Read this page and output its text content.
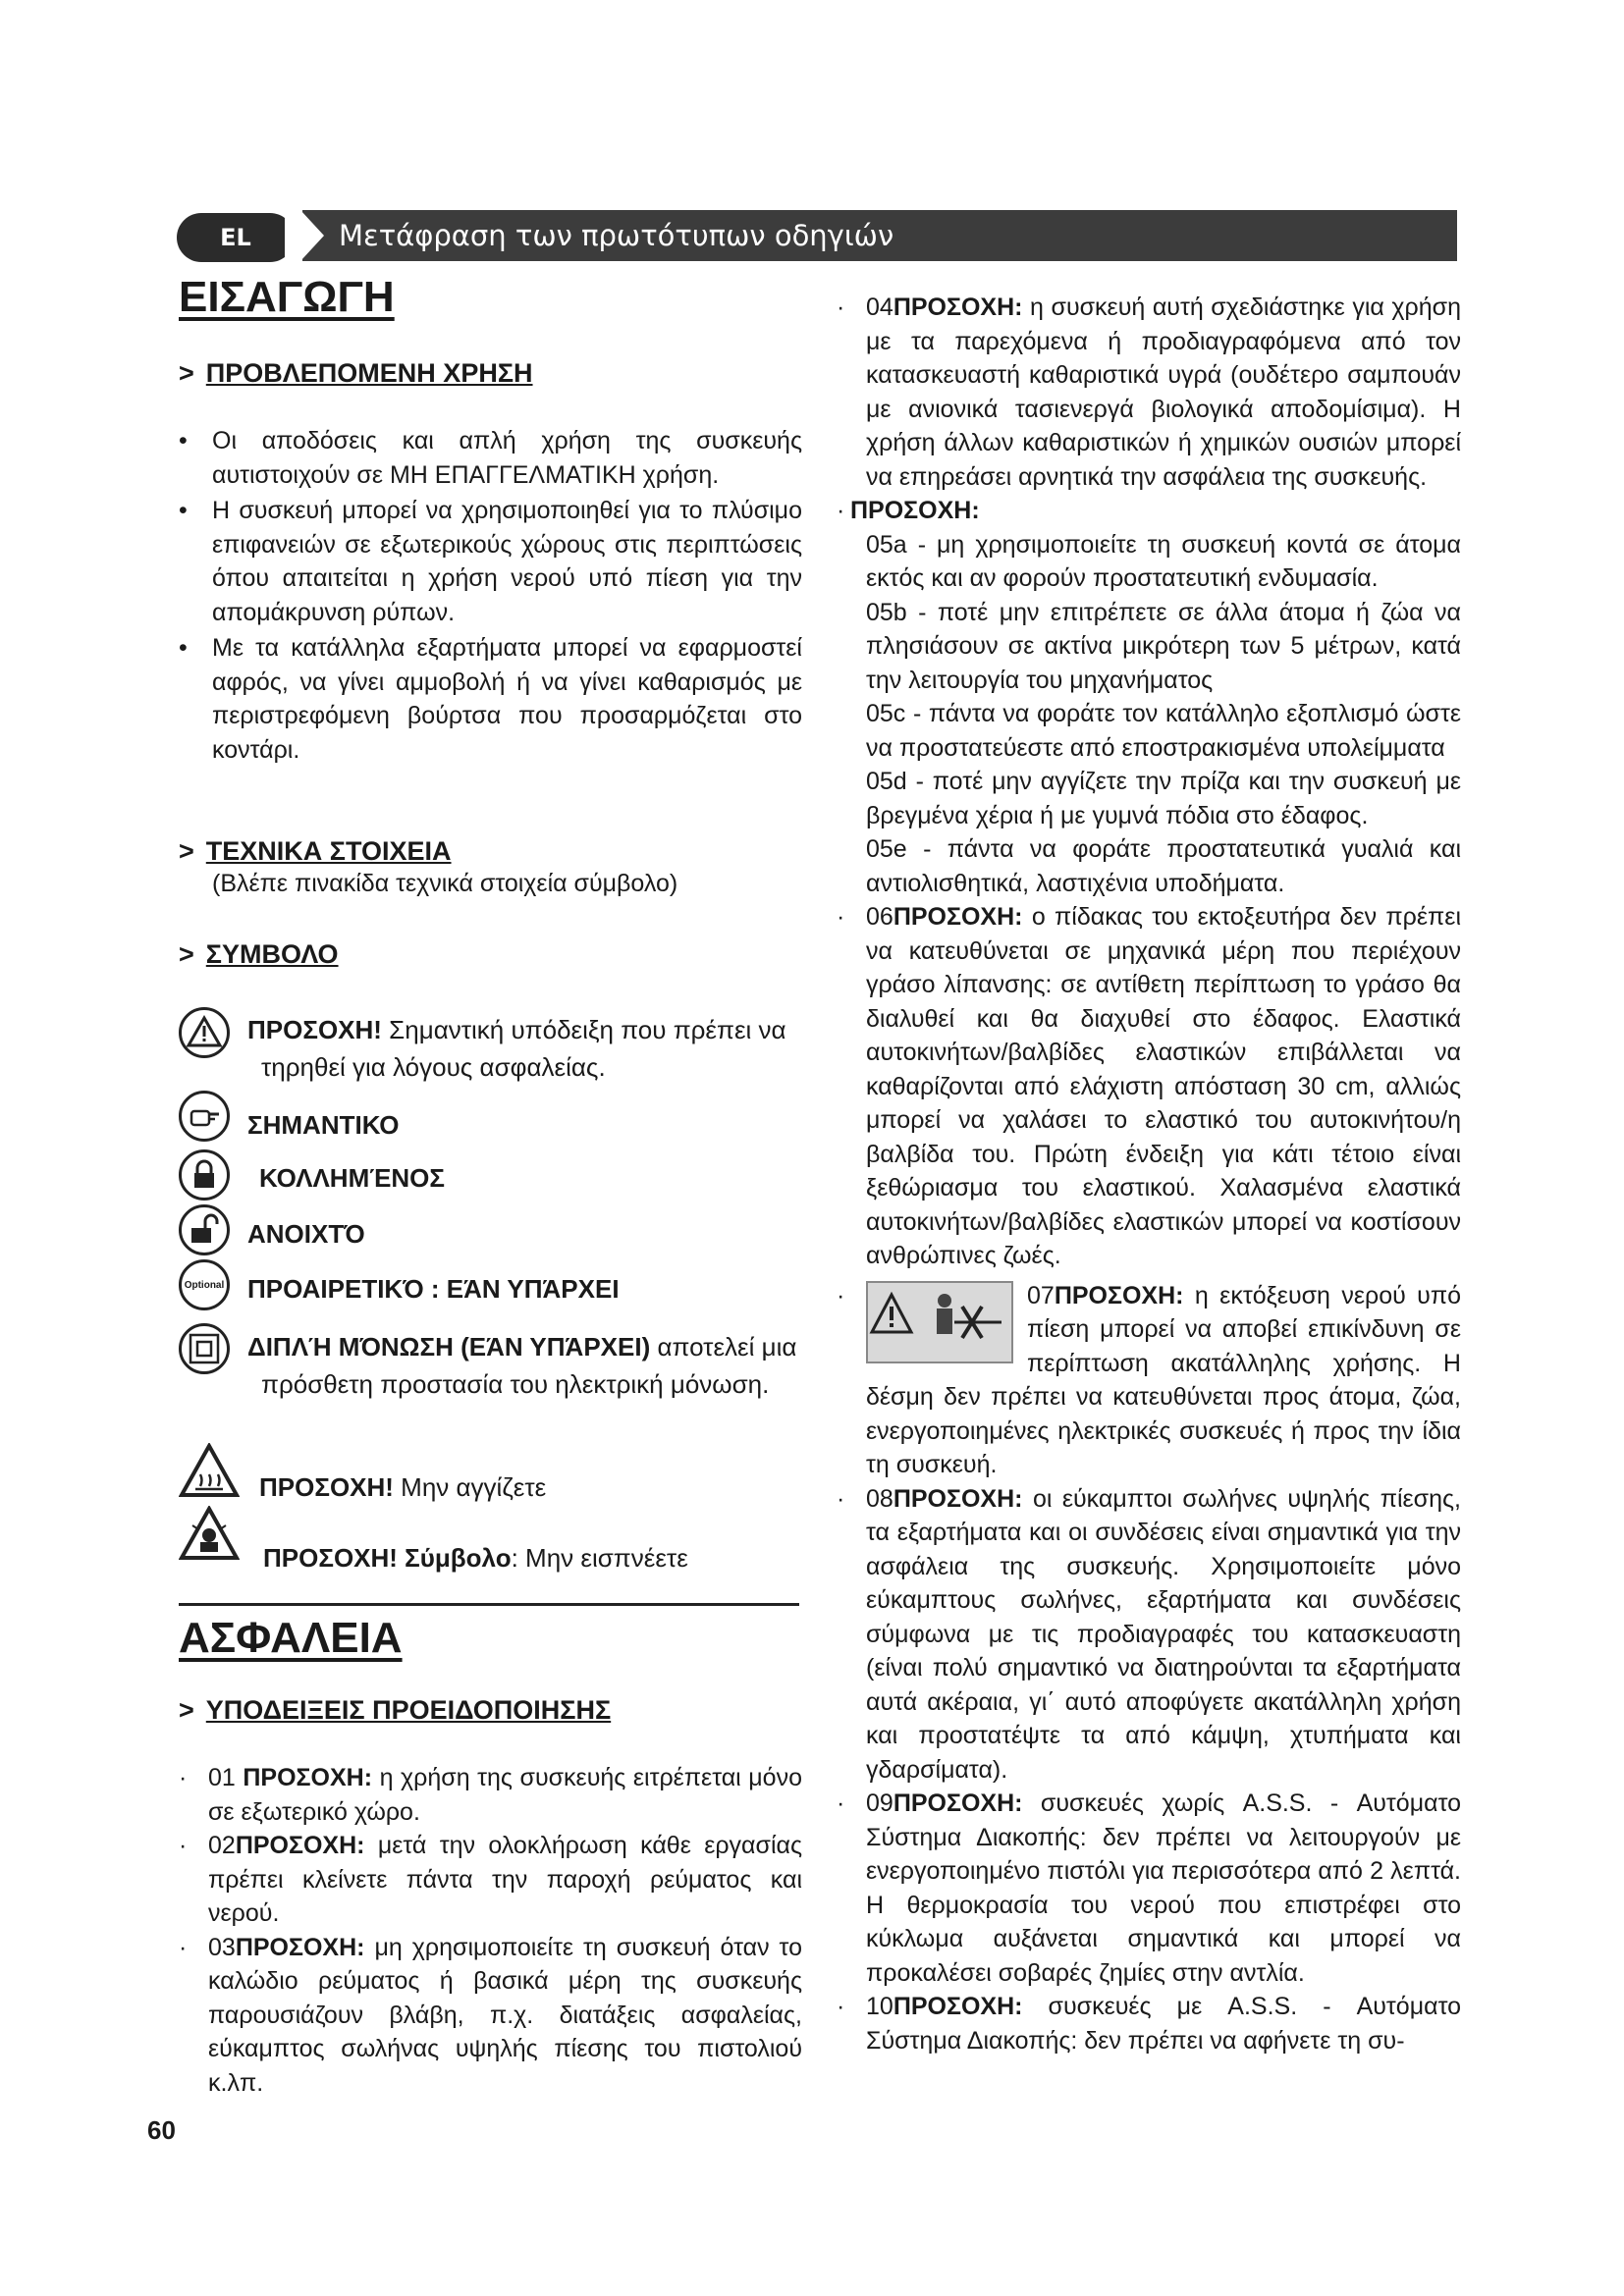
EL	Μετάφραση των πρωτότυπων οδηγιών
ΕΙΣΑΓΩΓΗ
> ΠΡΟΒΛΕΠΟΜΕΝΗ ΧΡΗΣΗ
• Οι αποδόσεις και απλή χρήση της συσκευής αυτιστοιχούν σε ΜΗ ΕΠΑΓΓΕΛΜΑΤΙΚΗ χρήση.
• Η συσκευή μπορεί να χρησιμοποιηθεί για το πλύσιμο επιφανειών σε εξωτερικούς χώρους στις περιπτώσεις όπου απαιτείται η χρήση νερού υπό πίεση για την απομάκρυνση ρύπων.
• Με τα κατάλληλα εξαρτήματα μπορεί να εφαρμοστεί αφρός, να γίνει αμμοβολή ή να γίνει καθαρισμός με περιστρεφόμενη βούρτσα που προσαρμόζεται στο κοντάρι.
> ΤΕΧΝΙΚΑ ΣΤΟΙΧΕΙΑ
(Βλέπε πινακίδα τεχνικά στοιχεία σύμβολο)
> ΣΥΜΒΟΛΟ
ΠΡΟΣΟΧΗ! Σημαντική υπόδειξη που πρέπει να
τηρηθεί για λόγους ασφαλείας.
ΣΗΜΑΝΤΙΚΟ
ΚΟΛΛΗΜΈΝΟΣ
ΑΝΟΙΧΤΌ
Optional ΠΡΟΑΙΡΕΤΙΚΌ : ΕΆΝ ΥΠΆΡΧΕΙ
ΔΙΠΛΉ ΜΌΝΩΣΗ (ΕΆΝ ΥΠΆΡΧΕΙ) αποτελεί μια
πρόσθετη προστασία του ηλεκτρική μόνωση.
ΠΡΟΣΟΧΗ! Μην αγγίζετε
ΠΡΟΣΟΧΗ! Σύμβολο: Μην εισπνέετε
ΑΣΦΑΛΕΙΑ
> ΥΠΟΔΕΙΞΕΙΣ ΠΡΟΕΙΔΟΠΟΙΗΣΗΣ
· 01 ΠΡΟΣΟΧΗ: η χρήση της συσκευής ειτρέπεται μόνο σε εξωτερικό χώρο.
· 02ΠΡΟΣΟΧΗ: μετά την ολοκλήρωση κάθε εργασίας πρέπει κλείνετε πάντα την παροχή ρεύματος και νερού.
· 03ΠΡΟΣΟΧΗ: μη χρησιμοποιείτε τη συσκευή όταν το καλώδιο ρεύματος ή βασικά μέρη της συσκευής παρουσιάζουν βλάβη, π.χ. διατάξεις ασφαλείας, εύκαμπτος σωλήνας υψηλής πίεσης του πιστολιού κ.λπ.
60
· 04ΠΡΟΣΟΧΗ: η συσκευή αυτή σχεδιάστηκε για χρήση με τα παρεχόμενα ή προδιαγραφόμενα από τον κατασκευαστή καθαριστικά υγρά (ουδέτερο σαμπουάν με ανιονικά τασιενεργά βιολογικά αποδομίσιμα). Η χρήση άλλων καθαριστικών ή χημικών ουσιών μπορεί να επηρεάσει αρνητικά την ασφάλεια της συσκευής.
· ΠΡΟΣΟΧΗ:
05a - μη χρησιμοποιείτε τη συσκευή κοντά σε άτομα εκτός και αν φορούν προστατευτική ενδυμασία.
05b - ποτέ μην επιτρέπετε σε άλλα άτομα ή ζώα να πλησιάσουν σε ακτίνα μικρότερη των 5 μέτρων, κατά την λειτουργία του μηχανήματος
05c - πάντα να φοράτε τον κατάλληλο εξοπλισμό ώστε να προστατεύεστε από εποστρακισμένα υπολείμματα
05d - ποτέ μην αγγίζετε την πρίζα και την συσκευή με βρεγμένα χέρια ή με γυμνά πόδια στο έδαφος.
05e - πάντα να φοράτε προστατευτικά γυαλιά και αντιολισθητικά, λαστιχένια υποδήματα.
· 06ΠΡΟΣΟΧΗ: ο πίδακας του εκτοξευτήρα δεν πρέπει να κατευθύνεται σε μηχανικά μέρη που περιέχουν γράσο λίπανσης: σε αντίθετη περίπτωση το γράσο θα διαλυθεί και θα διαχυθεί στο έδαφος. Ελαστικά αυτοκινήτων/βαλβίδες ελαστικών επιβάλλεται να καθαρίζονται από ελάχιστη απόσταση 30 cm, αλλιώς μπορεί να χαλάσει το ελαστικό του αυτοκινήτου/η βαλβίδα του. Πρώτη ένδειξη για κάτι τέτοιο είναι ξεθώριασμα του ελαστικού. Χαλασμένα ελαστικά αυτοκινήτων/βαλβίδες ελαστικών μπορεί να κοστίσουν ανθρώπινες ζωές.
·	07ΠΡΟΣΟΧΗ: η εκτόξευση νερού υπό πίεση μπορεί να αποβεί επικίνδυνη σε περίπτωση ακατάλληλης χρήσης. Η δέσμη δεν πρέπει να κατευθύνεται προς άτομα, ζώα, ενεργοποιημένες ηλεκτρικές συσκευές ή προς την ίδια τη συσκευή.
· 08ΠΡΟΣΟΧΗ: οι εύκαμπτοι σωλήνες υψηλής πίεσης, τα εξαρτήματα και οι συνδέσεις είναι σημαντικά για την ασφάλεια της συσκευής. Χρησιμοποιείτε μόνο εύκαμπτους σωλήνες, εξαρτήματα και συνδέσεις σύμφωνα με τις προδιαγραφές του κατασκευαστη (είναι πολύ σημαντικό να διατηρούνται τα εξαρτήματα αυτά ακέραια, γι΄ αυτό αποφύγετε ακατάλληλη χρήση και προστατέψτε τα από κάμψη, χτυπήματα και γδαρσίματα).
· 09ΠΡΟΣΟΧΗ: συσκευές χωρίς A.S.S. - Αυτόματο Σύστημα Διακοπής: δεν πρέπει να λειτουργούν με ενεργοποιημένο πιστόλι για περισσότερα από 2 λεπτά. Η θερμοκρασία του νερού που επιστρέφει στο κύκλωμα αυξάνεται σημαντικά και μπορεί να προκαλέσει σοβαρές ζημίες στην αντλία.
· 10ΠΡΟΣΟΧΗ: συσκευές με A.S.S. - Αυτόματο Σύστημα Διακοπής: δεν πρέπει να αφήνετε τη συ-
